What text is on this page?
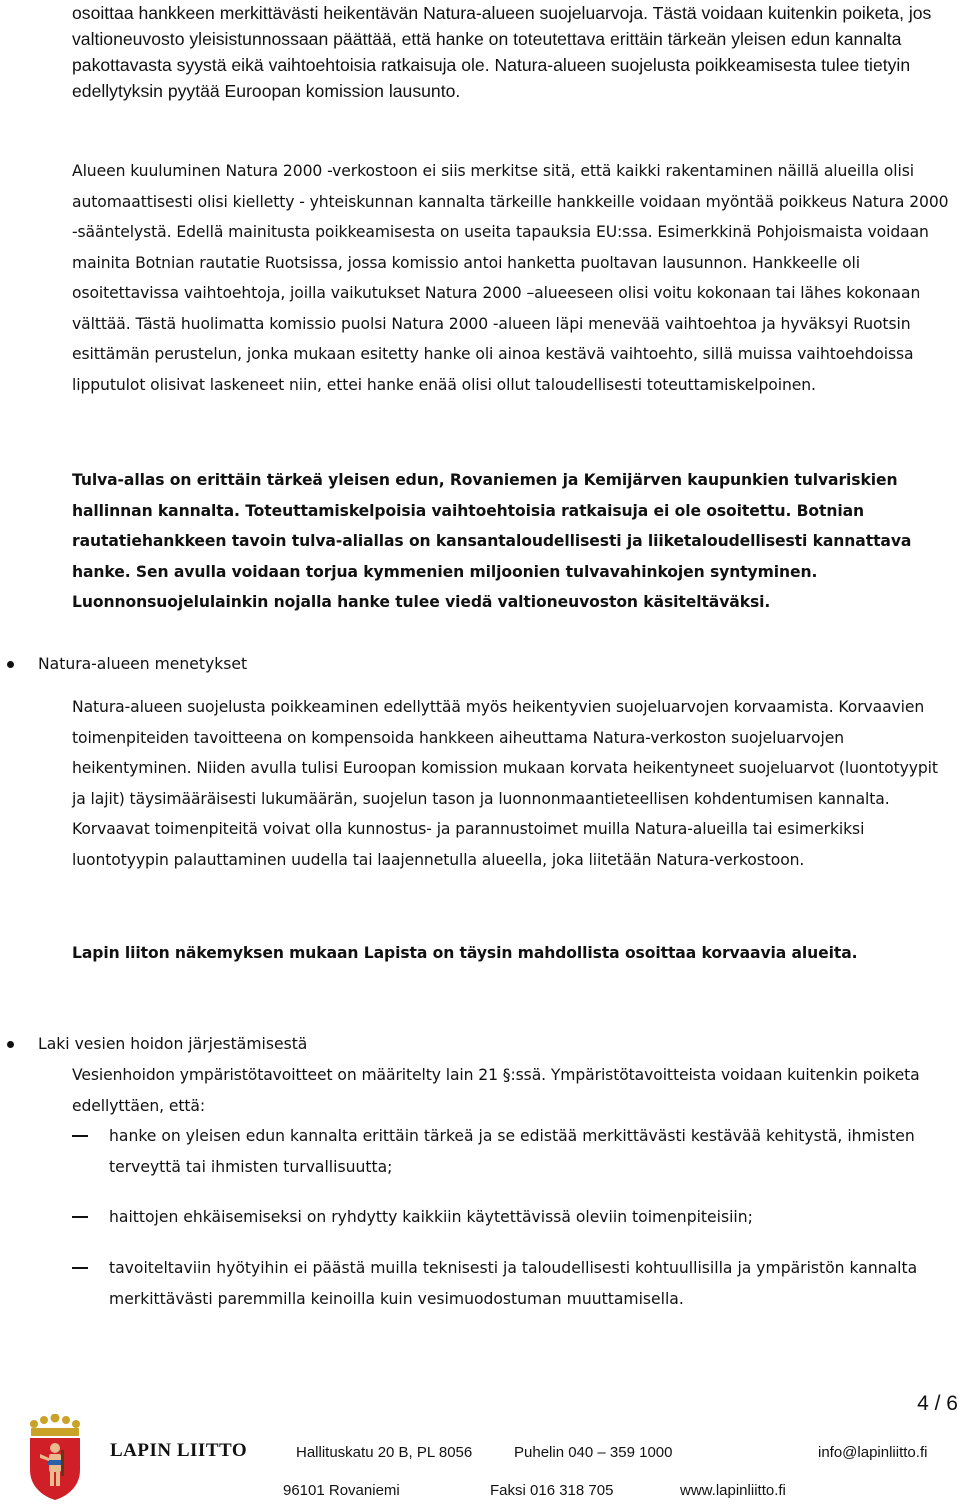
osoittaa hankkeen merkittävästi heikentävän Natura-alueen suojeluarvoja. Tästä voidaan kuitenkin poiketa, jos valtioneuvosto yleisistunnossaan päättää, että hanke on toteutettava erittäin tärkeän yleisen edun kannalta pakottavasta syystä eikä vaihtoehtoisia ratkaisuja ole. Natura-alueen suojelusta poikkeamisesta tulee tietyin edellytyksin pyytää Euroopan komission lausunto.

Alueen kuuluminen Natura 2000 -verkostoon ei siis merkitse sitä, että kaikki rakentaminen näillä alueilla olisi automaattisesti olisi kielletty - yhteiskunnan kannalta tärkeille hankkeille voidaan myöntää poikkeus Natura 2000 -sääntelystä. Edellä mainitusta poikkeamisesta on useita tapauksia EU:ssa. Esimerkkinä Pohjoismaista voidaan mainita Botnian rautatie Ruotsissa, jossa komissio antoi hanketta puoltavan lausunnon. Hankkeelle oli osoitettavissa vaihtoehtoja, joilla vaikutukset Natura 2000 –alueeseen olisi voitu kokonaan tai lähes kokonaan välttää. Tästä huolimatta komissio puolsi Natura 2000 -alueen läpi menevää vaihtoehtoa ja hyväksyi Ruotsin esittämän perustelun, jonka mukaan esitetty hanke oli ainoa kestävä vaihtoehto, sillä muissa vaihtoehdoissa lipputulot olisivat laskeneet niin, ettei hanke enää olisi ollut taloudellisesti toteuttamiskelpoinen.

Tulva-allas on erittäin tärkeä yleisen edun, Rovaniemen ja Kemijärven kaupunkien tulvariskien hallinnan kannalta. Toteuttamiskelpoisia vaihtoehtoisia ratkaisuja ei ole osoitettu. Botnian rautatiehankkeen tavoin tulva-aliallas on kansantaloudellisesti ja liiketaloudellisesti kannattava hanke. Sen avulla voidaan torjua kymmenien miljoonien tulvavahinkojen syntyminen. Luonnonsuojelulainkin nojalla hanke tulee viedä valtioneuvoston käsiteltäväksi.

Natura-alueen menetykset

Natura-alueen suojelusta poikkeaminen edellyttää myös heikentyvien suojeluarvojen korvaamista. Korvaavien toimenpiteiden tavoitteena on kompensoida hankkeen aiheuttama Natura-verkoston suojeluarvojen heikentyminen. Niiden avulla tulisi Euroopan komission mukaan korvata heikentyneet suojeluarvot (luontotyypit ja lajit) täysimääräisesti lukumäärän, suojelun tason ja luonnonmaantieteellisen kohdentumisen kannalta. Korvaavat toimenpiteitä voivat olla kunnostus- ja parannustoimet muilla Natura-alueilla tai esimerkiksi luontotyypin palauttaminen uudella tai laajennetulla alueella, joka liitetään Natura-verkostoon.

Lapin liiton näkemyksen mukaan Lapista on täysin mahdollista osoittaa korvaavia alueita.

Laki vesien hoidon järjestämisestä

Vesienhoidon ympäristötavoitteet on määritelty lain 21 §:ssä. Ympäristötavoitteista voidaan kuitenkin poiketa edellyttäen, että:

hanke on yleisen edun kannalta erittäin tärkeä ja se edistää merkittävästi kestävää kehitystä, ihmisten terveyttä tai ihmisten turvallisuutta;
haittojen ehkäisemiseksi on ryhdytty kaikkiin käytettävissä oleviin toimenpiteisiin;
tavoiteltaviin hyötyihin ei päästä muilla teknisesti ja taloudellisesti kohtuullisilla ja ympäristön kannalta merkittävästi paremmilla keinoilla kuin vesimuodostuman muuttamisella.
4 / 6
LAPIN LIITTO	Hallituskatu 20 B, PL 8056	Puhelin 040 – 359 1000	info@lapinliitto.fi
96101 Rovaniemi	Faksi 016 318 705	www.lapinliitto.fi
